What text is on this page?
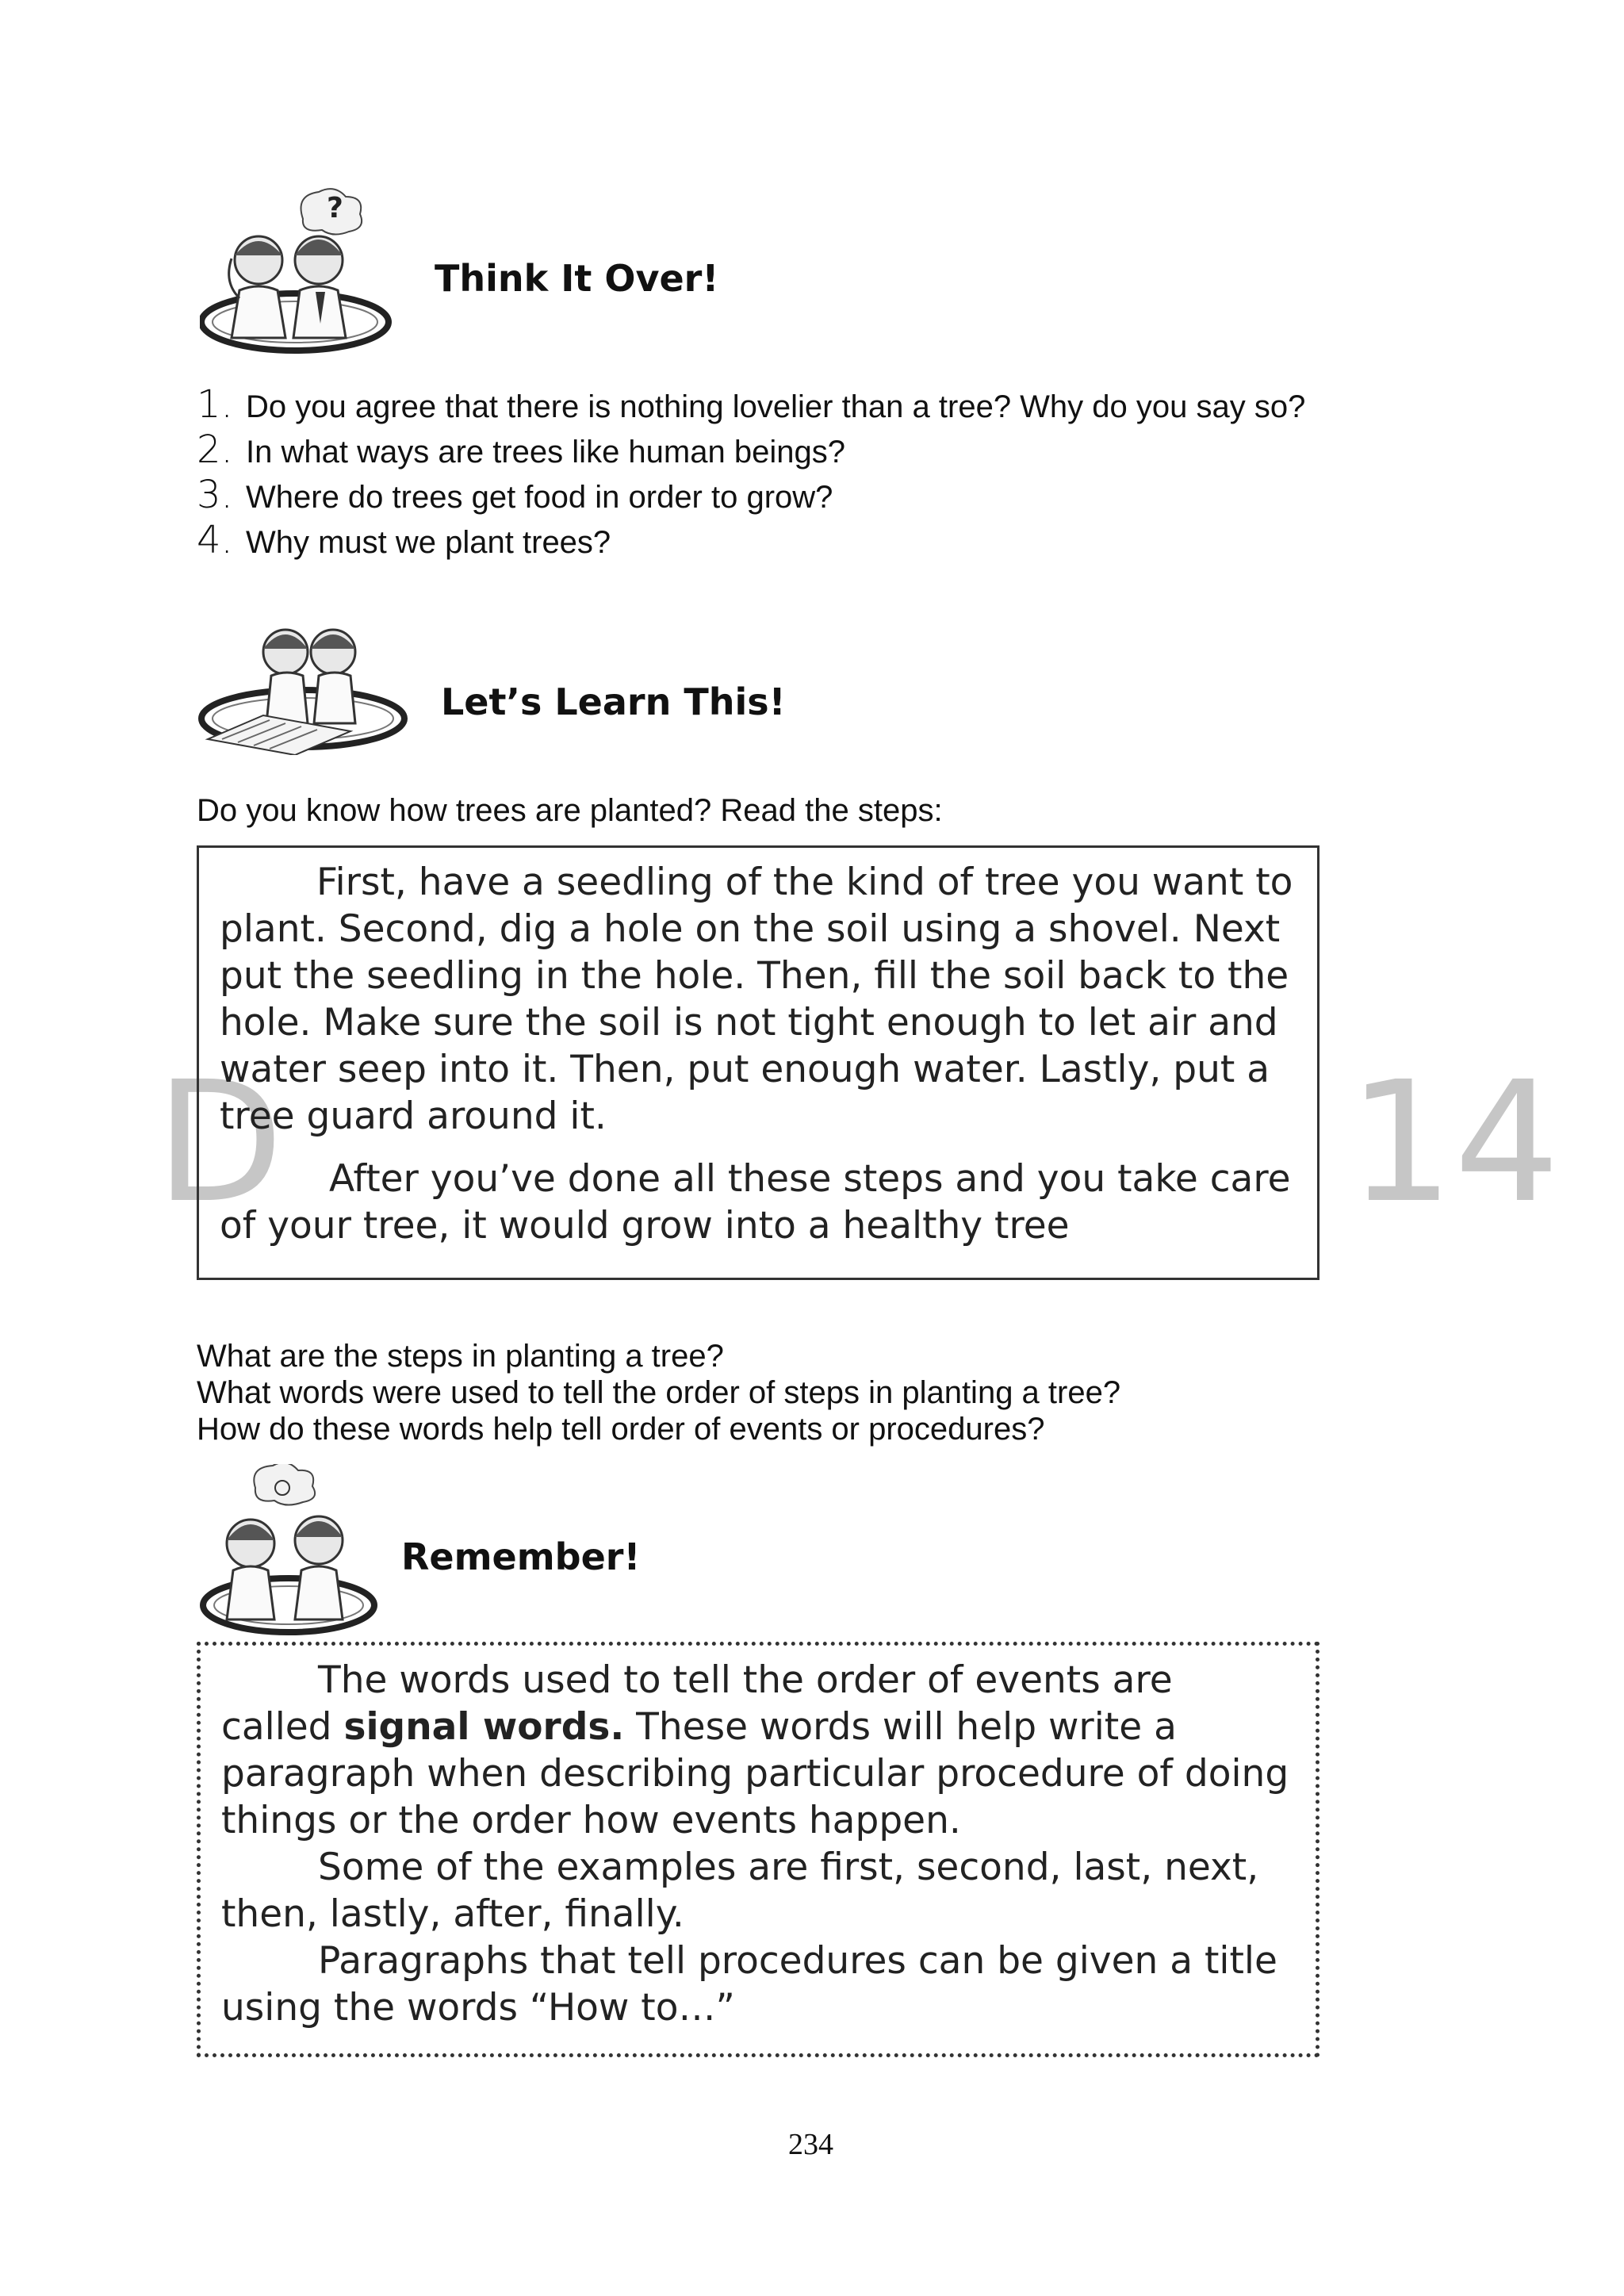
D	14
?
Think It Over!
1. Do you agree that there is nothing lovelier than a tree? Why do you say so?
2. In what ways are trees like human beings?
3. Where do trees get food in order to grow?
4. Why must we plant trees?
Let’s Learn This!
Do you know how trees are planted? Read the steps:

First, have a seedling of the kind of tree you want to plant. Second, dig a hole on the soil using a shovel. Next put the seedling in the hole. Then, fill the soil back to the hole. Make sure the soil is not tight enough to let air and water seep into it. Then, put enough water. Lastly, put a tree guard around it.

After you’ve done all these steps and you take care of your tree, it would grow into a healthy tree

What are the steps in planting a tree?
What words were used to tell the order of steps in planting a tree?
How do these words help tell order of events or procedures?
Remember!

The words used to tell the order of events are called signal words. These words will help write a paragraph when describing particular procedure of doing things or the order how events happen.

Some of the examples are first, second, last, next, then, lastly, after, finally.

Paragraphs that tell procedures can be given a title using the words “How to…”

234
